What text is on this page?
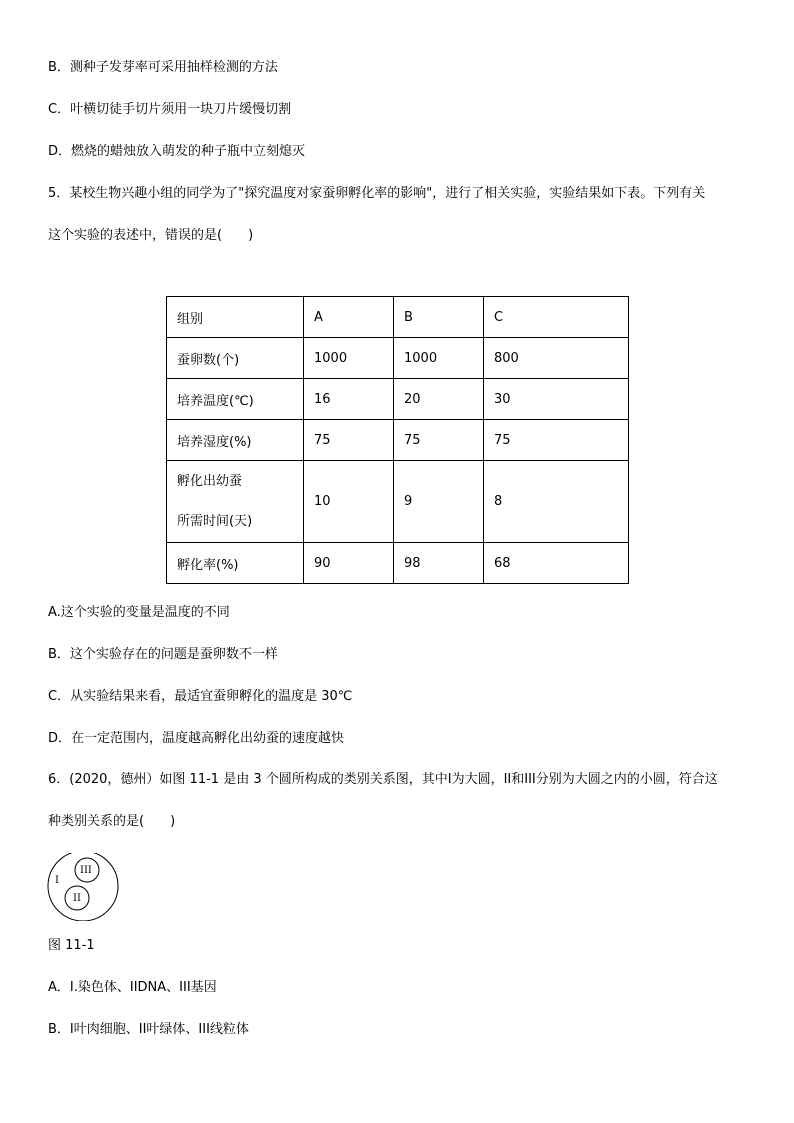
B．测种子发芽率可采用抽样检测的方法
C．叶横切徒手切片须用一块刀片缓慢切割
D．燃烧的蜡烛放入萌发的种子瓶中立刻熄灭
5．某校生物兴趣小组的同学为了"探究温度对家蚕卵孵化率的影响"，进行了相关实验，实验结果如下表。下列有关
这个实验的表述中，错误的是(　　)
组别	A	B	C
蚕卵数(个)	1000	1000	800
培养温度(℃)	16	20	30
培养湿度(%)	75	75	75

孵化出幼蚕
所需时间(天)	10	9	8
孵化率(%)	90	98	68
A.这个实验的变量是温度的不同
B．这个实验存在的问题是蚕卵数不一样
C．从实验结果来看，最适宜蚕卵孵化的温度是 30℃
D．在一定范围内，温度越高孵化出幼蚕的速度越快
6．(2020，德州）如图 11-1 是由 3 个圆所构成的类别关系图，其中I为大圆，II和III分别为大圆之内的小圆，符合这
种类别关系的是(　　)
I
III
II
图 11-1
A．I.染色体、IIDNA、III基因
B．I叶肉细胞、II叶绿体、III线粒体
